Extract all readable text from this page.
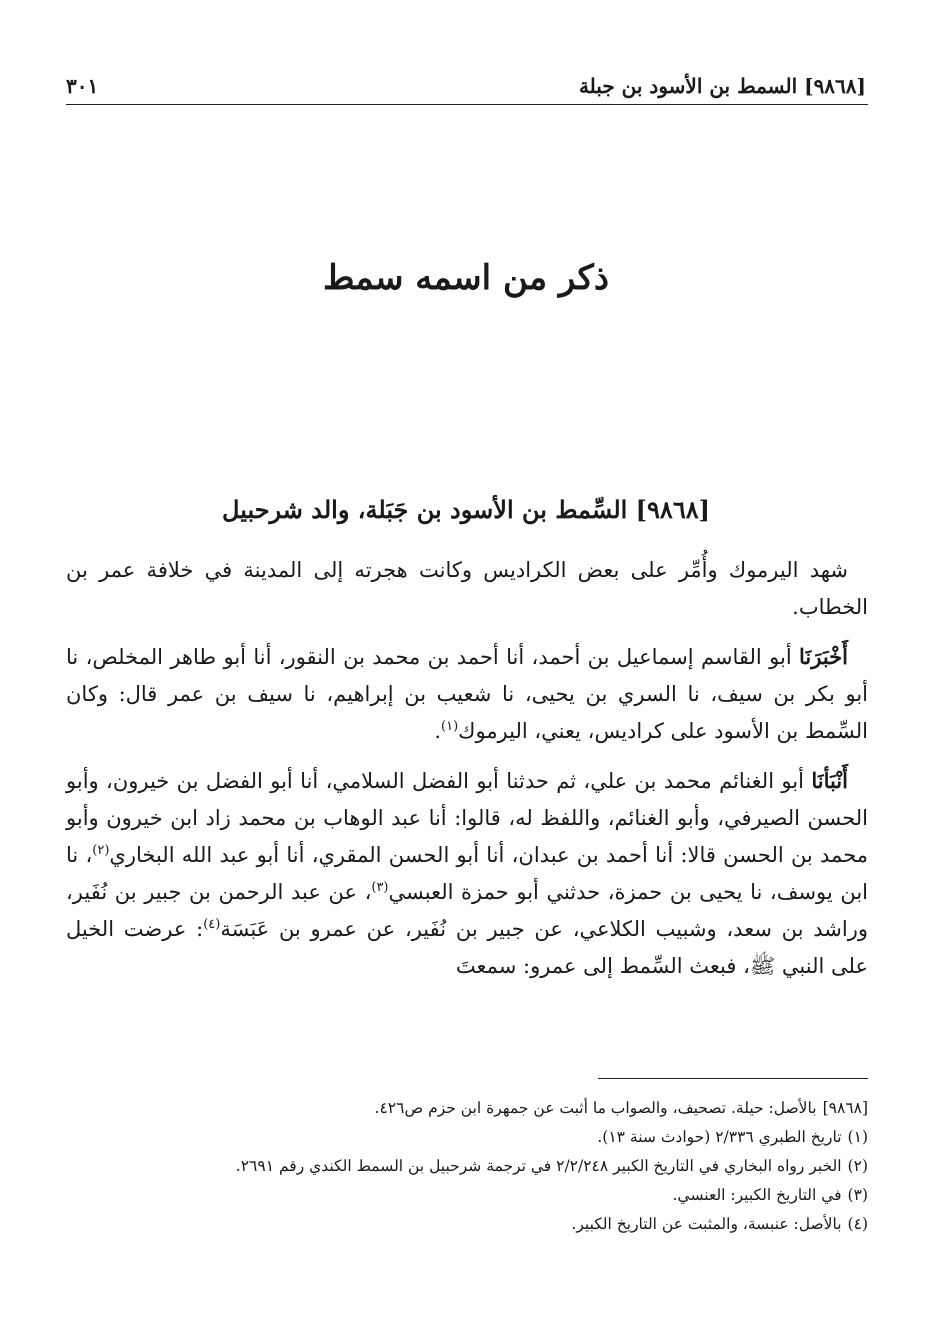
[٩٨٦٨] السمط بن الأسود بن جبلة
٣٠١
ذكر من اسمه سمط
[٩٨٦٨] السِّمط بن الأسود بن جَبَلة، والد شرحبيل

شهد اليرموك وأُمِّر على بعض الكراديس وكانت هجرته إلى المدينة في خلافة عمر بن الخطاب.

أَخْبَرَنَا أبو القاسم إسماعيل بن أحمد، أنا أحمد بن محمد بن النقور، أنا أبو طاهر المخلص، نا أبو بكر بن سيف، نا السري بن يحيى، نا شعيب بن إبراهيم، نا سيف بن عمر قال: وكان السِّمط بن الأسود على كراديس، يعني، اليرموك$^{(١)}$.

أَنْبَأنَا أبو الغنائم محمد بن علي، ثم حدثنا أبو الفضل السلامي، أنا أبو الفضل بن خيرون، وأبو الحسن الصيرفي، وأبو الغنائم، واللفظ له، قالوا: أنا عبد الوهاب بن محمد زاد ابن خيرون وأبو محمد بن الحسن قالا: أنا أحمد بن عبدان، أنا أبو الحسن المقري، أنا أبو عبد الله البخاري$^{(٢)}$، نا ابن يوسف، نا يحيى بن حمزة، حدثني أبو حمزة العبسي$^{(٣)}$، عن عبد الرحمن بن جبير بن نُفَير، وراشد بن سعد، وشبيب الكلاعي، عن جبير بن نُفَير، عن عمرو بن عَبَسَة$^{(٤)}$: عرضت الخيل على النبي ﷺ، فبعث السِّمط إلى عمرو: سمعتَ

[٩٨٦٨]بالأصل: حيلة. تصحيف، والصواب ما أثبت عن جمهرة ابن حزم ص٤٢٦.
(١)تاريخ الطبري ٢/٣٣٦ (حوادث سنة ١٣).
(٢)الخبر رواه البخاري في التاريخ الكبير ٢/٢/٢٤٨ في ترجمة شرحبيل بن السمط الكندي رقم ٢٦٩١.
(٣)في التاريخ الكبير: العنسي.
(٤)بالأصل: عنبسة، والمثبت عن التاريخ الكبير.
